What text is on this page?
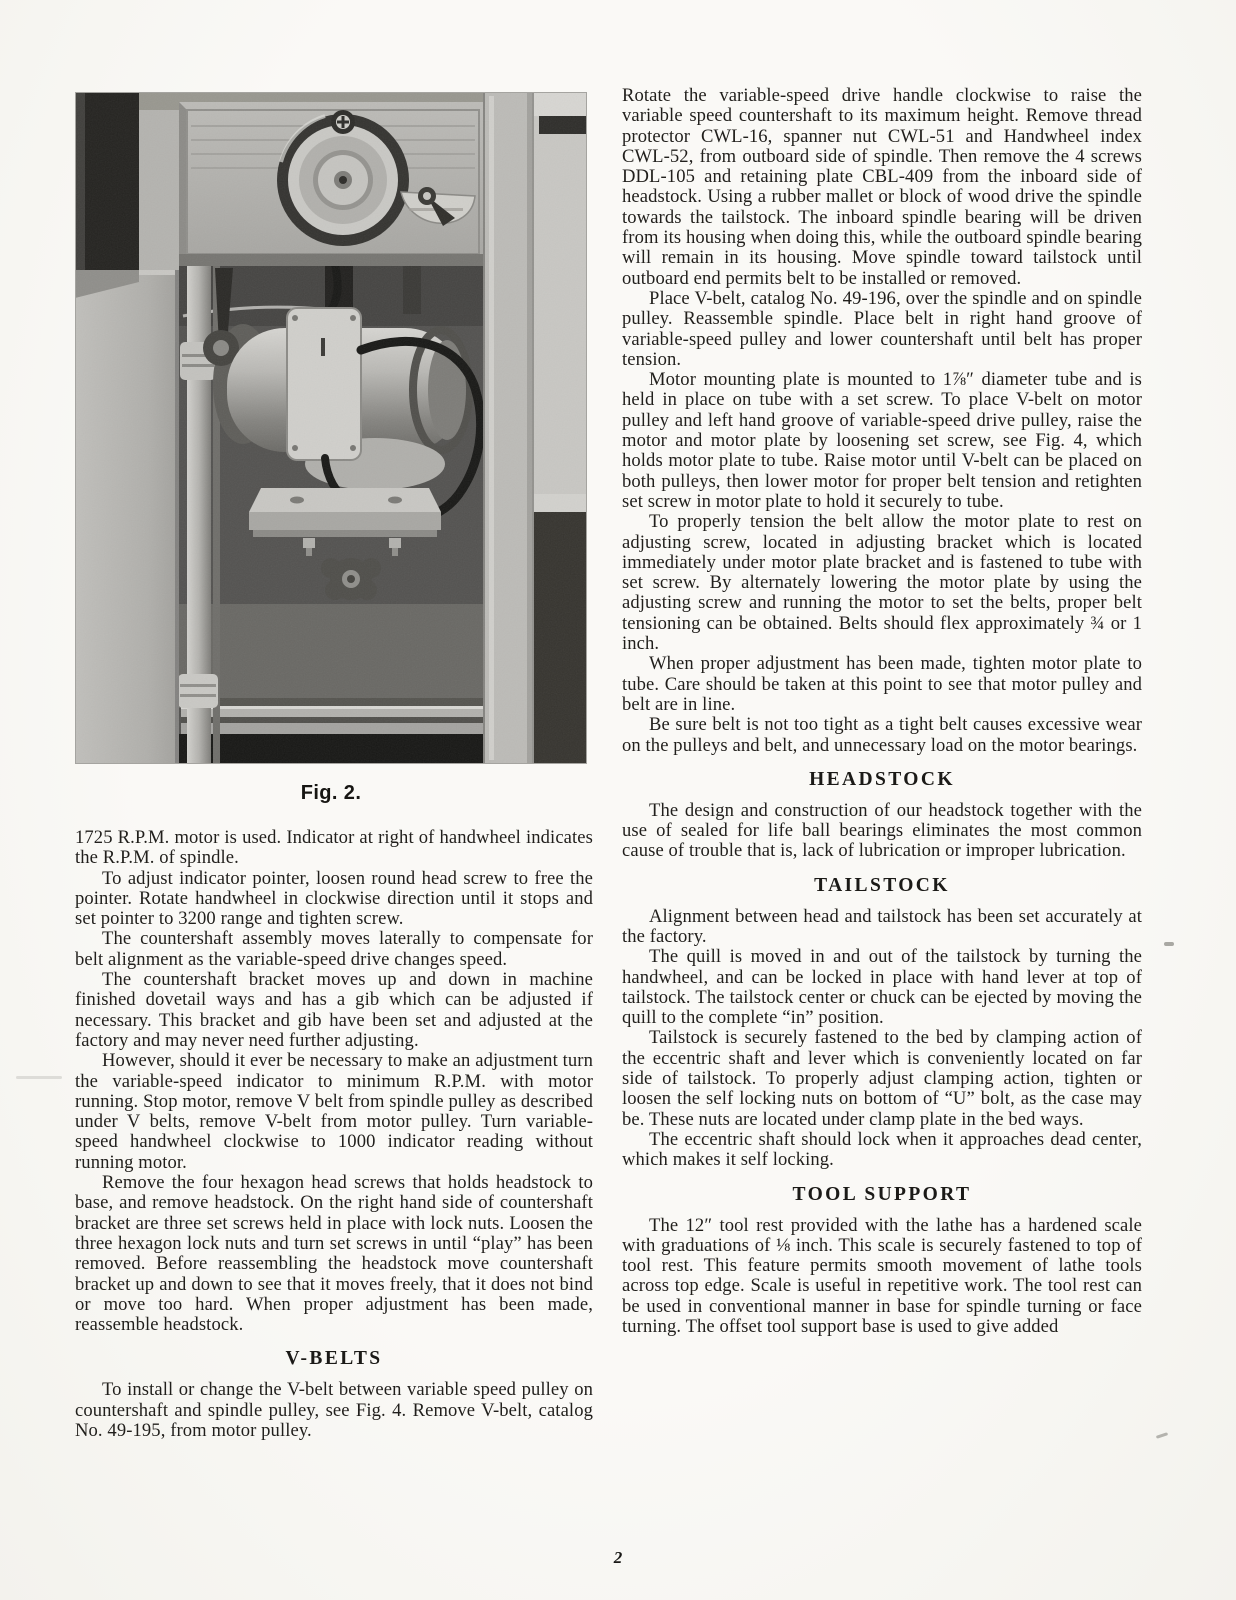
Fig. 2.

1725 R.P.M. motor is used. Indicator at right of handwheel indicates the R.P.M. of spindle.

To adjust indicator pointer, loosen round head screw to free the pointer. Rotate handwheel in clockwise direction until it stops and set pointer to 3200 range and tighten screw.

The countershaft assembly moves laterally to compensate for belt alignment as the variable-speed drive changes speed.

The countershaft bracket moves up and down in machine finished dovetail ways and has a gib which can be adjusted if necessary. This bracket and gib have been set and adjusted at the factory and may never need further adjusting.

However, should it ever be necessary to make an adjustment turn the variable-speed indicator to minimum R.P.M. with motor running. Stop motor, remove V belt from spindle pulley as described under V belts, remove V-belt from motor pulley. Turn variable-speed handwheel clockwise to 1000 indicator reading without running motor.

Remove the four hexagon head screws that holds headstock to base, and remove headstock. On the right hand side of countershaft bracket are three set screws held in place with lock nuts. Loosen the three hexagon lock nuts and turn set screws in until “play” has been removed. Before reassembling the headstock move countershaft bracket up and down to see that it moves freely, that it does not bind or move too hard. When proper adjustment has been made, reassemble headstock.

V-BELTS

To install or change the V-belt between variable speed pulley on countershaft and spindle pulley, see Fig. 4. Remove V-belt, catalog No. 49-195, from motor pulley.

Rotate the variable-speed drive handle clockwise to raise the variable speed countershaft to its maximum height. Remove thread protector CWL-16, spanner nut CWL-51 and Handwheel index CWL-52, from outboard side of spindle. Then remove the 4 screws DDL-105 and retaining plate CBL-409 from the inboard side of headstock. Using a rubber mallet or block of wood drive the spindle towards the tailstock. The inboard spindle bearing will be driven from its housing when doing this, while the outboard spindle bearing will remain in its housing. Move spindle toward tailstock until outboard end permits belt to be installed or removed.

Place V-belt, catalog No. 49-196, over the spindle and on spindle pulley. Reassemble spindle. Place belt in right hand groove of variable-speed pulley and lower countershaft until belt has proper tension.

Motor mounting plate is mounted to 1⅞″ diameter tube and is held in place on tube with a set screw. To place V-belt on motor pulley and left hand groove of variable-speed drive pulley, raise the motor and motor plate by loosening set screw, see Fig. 4, which holds motor plate to tube. Raise motor until V-belt can be placed on both pulleys, then lower motor for proper belt tension and retighten set screw in motor plate to hold it securely to tube.

To properly tension the belt allow the motor plate to rest on adjusting screw, located in adjusting bracket which is located immediately under motor plate bracket and is fastened to tube with set screw. By alternately lowering the motor plate by using the adjusting screw and running the motor to set the belts, proper belt tensioning can be obtained. Belts should flex approximately ¾ or 1 inch.

When proper adjustment has been made, tighten motor plate to tube. Care should be taken at this point to see that motor pulley and belt are in line.

Be sure belt is not too tight as a tight belt causes excessive wear on the pulleys and belt, and unnecessary load on the motor bearings.

HEADSTOCK

The design and construction of our headstock together with the use of sealed for life ball bearings eliminates the most common cause of trouble that is, lack of lubrication or improper lubrication.

TAILSTOCK

Alignment between head and tailstock has been set accurately at the factory.

The quill is moved in and out of the tailstock by turning the handwheel, and can be locked in place with hand lever at top of tailstock. The tailstock center or chuck can be ejected by moving the quill to the complete “in” position.

Tailstock is securely fastened to the bed by clamping action of the eccentric shaft and lever which is conveniently located on far side of tailstock. To properly adjust clamping action, tighten or loosen the self locking nuts on bottom of “U” bolt, as the case may be. These nuts are located under clamp plate in the bed ways.

The eccentric shaft should lock when it approaches dead center, which makes it self locking.

TOOL SUPPORT

The 12″ tool rest provided with the lathe has a hardened scale with graduations of ⅛ inch. This scale is securely fastened to top of tool rest. This feature permits smooth movement of lathe tools across top edge. Scale is useful in repetitive work. The tool rest can be used in conventional manner in base for spindle turning or face turning. The offset tool support base is used to give added

2
